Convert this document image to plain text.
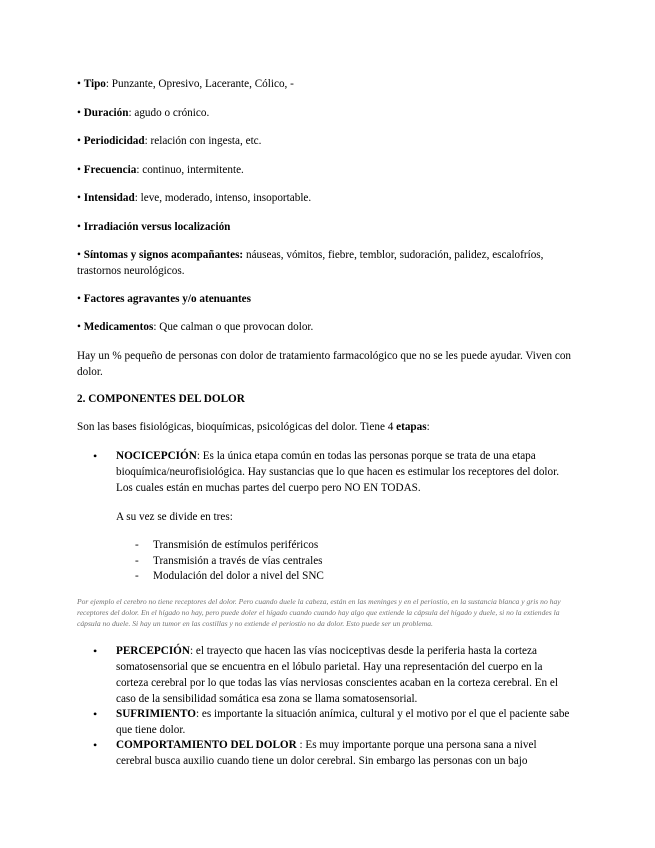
• Tipo: Punzante, Opresivo, Lacerante, Cólico, -

• Duración: agudo o crónico.

• Periodicidad: relación con ingesta, etc.

• Frecuencia: continuo, intermitente.

• Intensidad: leve, moderado, intenso, insoportable.

• Irradiación versus localización

• Síntomas y signos acompañantes: náuseas, vómitos, fiebre, temblor, sudoración, palidez, escalofríos, trastornos neurológicos.

• Factores agravantes y/o atenuantes

• Medicamentos: Que calman o que provocan dolor.

Hay un % pequeño de personas con dolor de tratamiento farmacológico que no se les puede ayudar. Viven con dolor.

2. COMPONENTES DEL DOLOR

Son las bases fisiológicas, bioquímicas, psicológicas del dolor. Tiene 4 etapas:

• NOCICEPCIÓN: Es la única etapa común en todas las personas porque se trata de una etapa bioquímica/neurofisiológica. Hay sustancias que lo que hacen es estimular los receptores del dolor. Los cuales están en muchas partes del cuerpo pero NO EN TODAS.

A su vez se divide en tres:

- Transmisión de estímulos periféricos

- Transmisión a través de vías centrales

- Modulación del dolor a nivel del SNC

Por ejemplo el cerebro no tiene receptores del dolor. Pero cuando duele la cabeza, están en las meninges y en el periostio, en la sustancia blanca y gris no hay receptores del dolor. En el hígado no hay, pero puede doler el hígado cuando cuando hay algo que extiende la cápsula del hígado y duele, si no la extiendes la cápsula no duele. Si hay un tumor en las costillas y no extiende el periostio no da dolor. Esto puede ser un problema.

• PERCEPCIÓN: el trayecto que hacen las vías nociceptivas desde la periferia hasta la corteza somatosensorial que se encuentra en el lóbulo parietal. Hay una representación del cuerpo en la corteza cerebral por lo que todas las vías nerviosas conscientes acaban en la corteza cerebral. En el caso de la sensibilidad somática esa zona se llama somatosensorial.

• SUFRIMIENTO: es importante la situación anímica, cultural y el motivo por el que el paciente sabe que tiene dolor.

• COMPORTAMIENTO DEL DOLOR : Es muy importante porque una persona sana a nivel cerebral busca auxilio cuando tiene un dolor cerebral. Sin embargo las personas con un bajo
